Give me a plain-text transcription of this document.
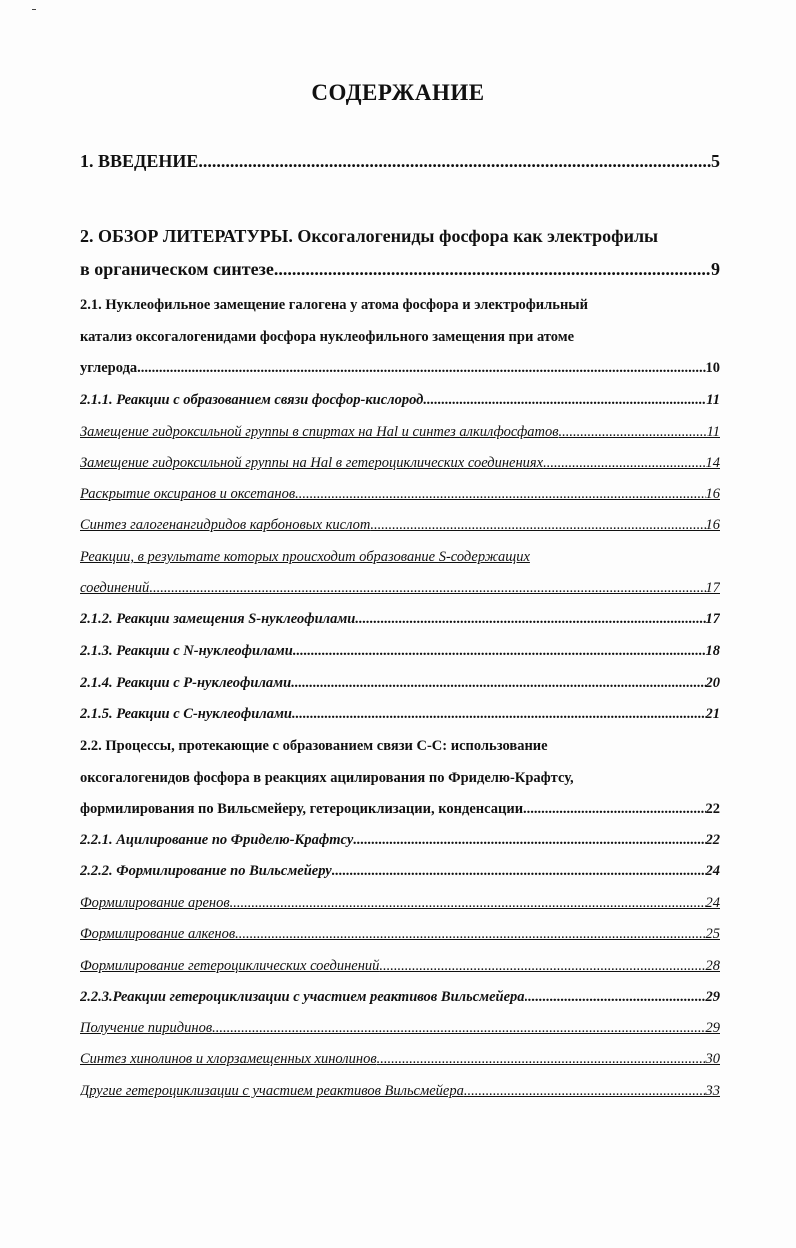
СОДЕРЖАНИЕ
1. ВВЕДЕНИЕ .....	5
2. ОБЗОР ЛИТЕРАТУРЫ. Оксогалогениды фосфора как электрофилы
в органическом синтезе .....	9
2.1. Нуклеофильное замещение галогена у атома фосфора и электрофильный
катализ оксогалогенидами фосфора нуклеофильного замещения при атоме
углерода .....	10
2.1.1. Реакции с образованием связи фосфор-кислород .....	11
Замещение гидроксильной группы в спиртах на Hal и синтез алкилфосфатов .....	11
Замещение гидроксильной группы на Hal в гетероциклических соединениях .....	14
Раскрытие оксиранов и оксетанов .....	16
Синтез галогенангидридов карбоновых кислот .....	16
Реакции, в результате которых происходит образование S-содержащих
соединений .....	17
2.1.2. Реакции замещения S-нуклеофилами .....	17
2.1.3. Реакции с N-нуклеофилами .....	18
2.1.4. Реакции с P-нуклеофилами .....	20
2.1.5. Реакции с C-нуклеофилами .....	21
2.2. Процессы, протекающие с образованием связи C-C: использование
оксогалогенидов фосфора в реакциях ацилирования по Фриделю-Крафтсу,
формилирования по Вильсмейеру, гетероциклизации, конденсации .....	22
2.2.1. Ацилирование по Фриделю-Крафтсу .....	22
2.2.2. Формилирование по Вильсмейеру .....	24
Формилирование аренов .....	24
Формилирование алкенов .....	25
Формилирование гетероциклических соединений .....	28
2.2.3.Реакции гетероциклизации с участием реактивов Вильсмейера .....	29
Получение пиридинов .....	29
Синтез хинолинов и хлорзамещенных хинолинов .....	30
Другие гетероциклизации с участием реактивов Вильсмейера .....	33
